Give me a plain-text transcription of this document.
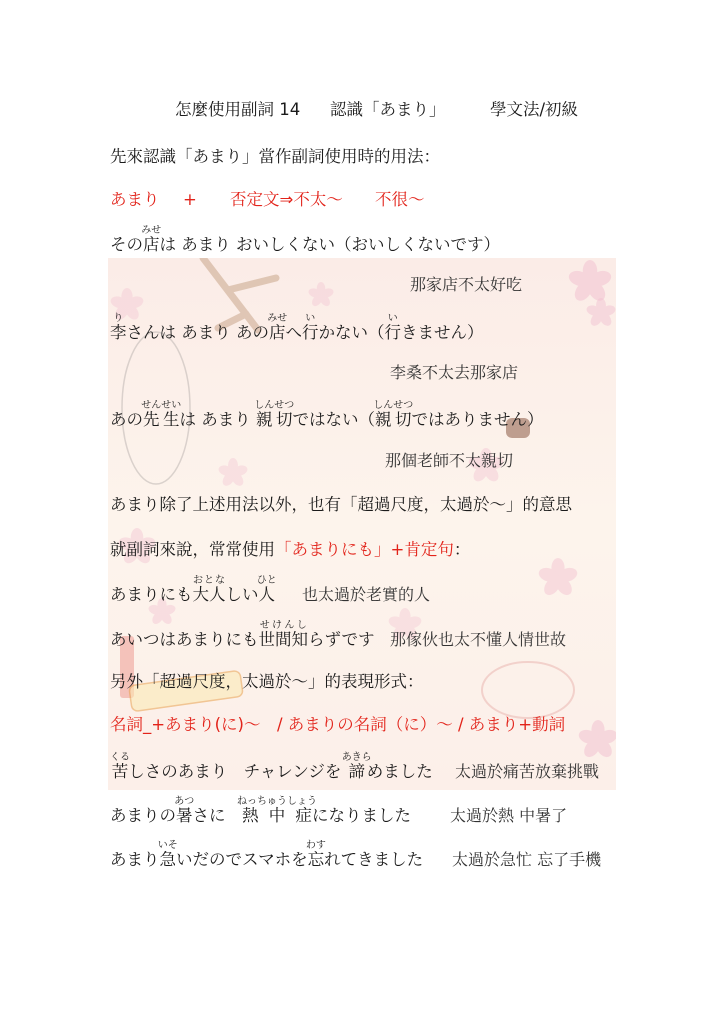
怎麼使用副詞 14 認識「あまり」	學文法/初級
先來認識「あまり」當作副詞使用時的用法：
あまり + 否定文⇒不太～ 不很～
その店みせは あまり おいしくない（おいしくないです）
那家店不太好吃
李りさんは あまり あの店みせへ行いかない（行いきません）
李桑不太去那家店
あの先生せんせいは あまり 親切しんせつではない（親切しんせつではありません）
那個老師不太親切
あまり除了上述用法以外，也有「超過尺度，太過於～」的意思
就副詞來說，常常使用「あまりにも」+肯定句：
あまりにも大人おとなしい人ひと
也太過於老實的人
あいつはあまりにも世間知せけんしらずです 那傢伙也太不懂人情世故
另外「超過尺度，太過於～」的表現形式：
名詞_+あまり(に)～　/ あまりの名詞（に）～ / あまり+動詞
苦くるしさのあまり　チャレンジを 諦あきらめました 太過於痛苦放棄挑戰
あまりの暑あつさに　熱中症ねっちゅうしょうになりました 太過於熱 中暑了
あまり急いそいだのでスマホを忘わすれてきました 太過於急忙 忘了手機
